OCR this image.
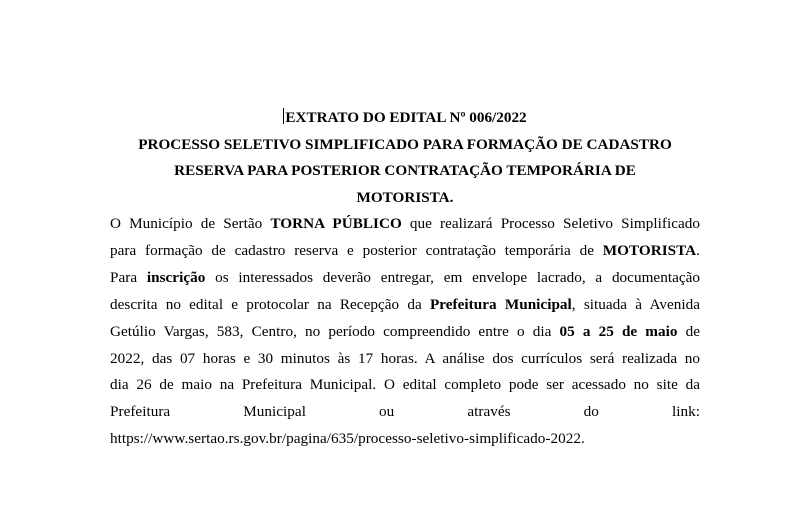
EXTRATO DO EDITAL Nº 006/2022

PROCESSO SELETIVO SIMPLIFICADO PARA FORMAÇÃO DE CADASTRO

RESERVA PARA POSTERIOR CONTRATAÇÃO TEMPORÁRIA DE

MOTORISTA.

O Município de Sertão TORNA PÚBLICO que realizará Processo Seletivo Simplificado
para formação de cadastro reserva e posterior contratação temporária de MOTORISTA.
Para inscrição os interessados deverão entregar, em envelope lacrado, a documentação
descrita no edital e protocolar na Recepção da Prefeitura Municipal, situada à Avenida
Getúlio Vargas, 583, Centro, no período compreendido entre o dia 05 a 25 de maio de
2022, das 07 horas e 30 minutos às 17 horas. A análise dos currículos será realizada no
dia 26 de maio na Prefeitura Municipal. O edital completo pode ser acessado no site da
Prefeitura Municipal ou através do link:
https://www.sertao.rs.gov.br/pagina/635/processo-seletivo-simplificado-2022.
